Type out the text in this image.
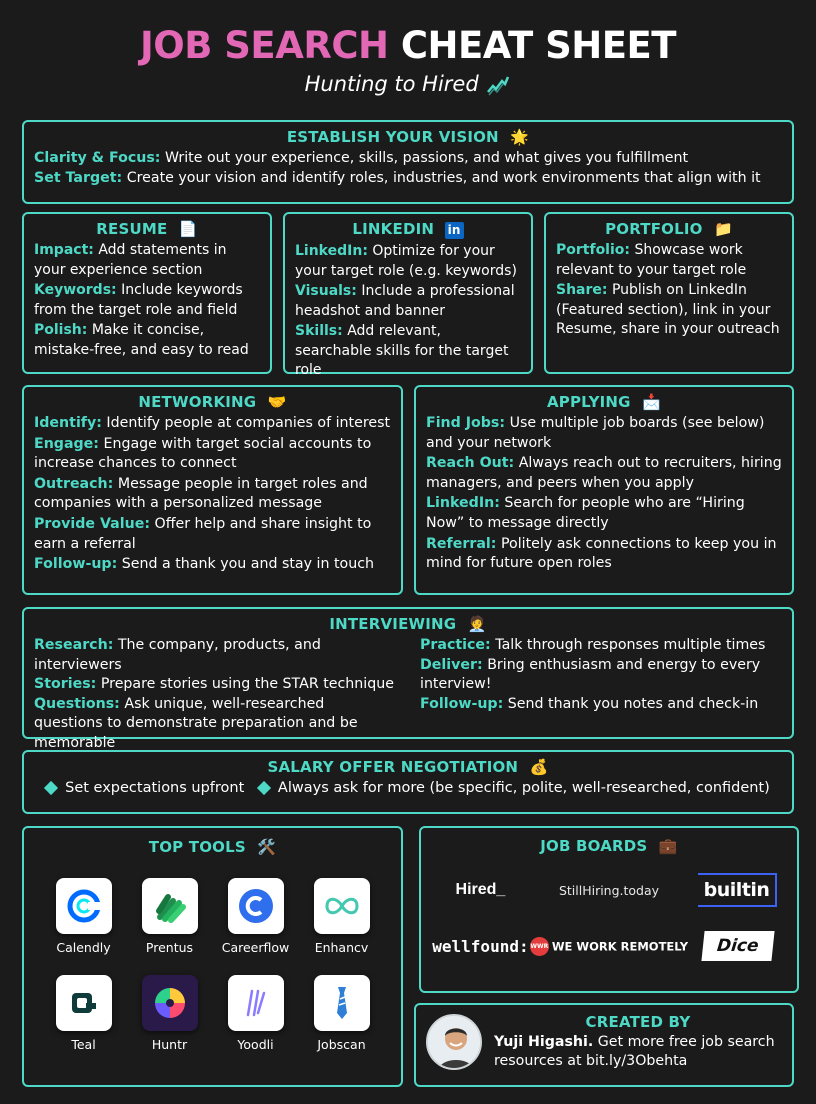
JOB SEARCH CHEAT SHEET
Hunting to Hired
ESTABLISH YOUR VISION 🌟
Clarity & Focus: Write out your experience, skills, passions, and what gives you fulfillment
Set Target: Create your vision and identify roles, industries, and work environments that align with it
RESUME 📄
Impact: Add statements in your experience section
Keywords: Include keywords from the target role and field
Polish: Make it concise, mistake-free, and easy to read
LINKEDIN in
LinkedIn: Optimize for your your target role (e.g. keywords)
Visuals: Include a professional headshot and banner
Skills: Add relevant, searchable skills for the target role
PORTFOLIO 📁
Portfolio: Showcase work relevant to your target role
Share: Publish on LinkedIn (Featured section), link in your Resume, share in your outreach
NETWORKING 🤝
Identify: Identify people at companies of interest
Engage: Engage with target social accounts to increase chances to connect
Outreach: Message people in target roles and companies with a personalized message
Provide Value: Offer help and share insight to earn a referral
Follow-up: Send a thank you and stay in touch
APPLYING 📩
Find Jobs: Use multiple job boards (see below) and your network
Reach Out: Always reach out to recruiters, hiring managers, and peers when you apply
LinkedIn: Search for people who are “Hiring Now” to message directly
Referral: Politely ask connections to keep you in mind for future open roles
INTERVIEWING 🧑‍💼
Research: The company, products, and interviewers
Stories: Prepare stories using the STAR technique
Questions: Ask unique, well-researched questions to demonstrate preparation and be memorable
Practice: Talk through responses multiple times
Deliver: Bring enthusiasm and energy to every interview!
Follow-up: Send thank you notes and check-in
SALARY OFFER NEGOTIATION 💰
Set expectations upfront Always ask for more (be specific, polite, well-researched, confident)
TOP TOOLS 🛠️
Calendly	Prentus	Careerflow	Enhancv
Teal	Huntr	Yoodli	Jobscan
JOB BOARDS 💼
Hired_	StillHiring.today	builtin
wellfound: WWR WE WORK REMOTELY	Dice
CREATED BY
Yuji Higashi. Get more free job search resources at bit.ly/3Obehta
